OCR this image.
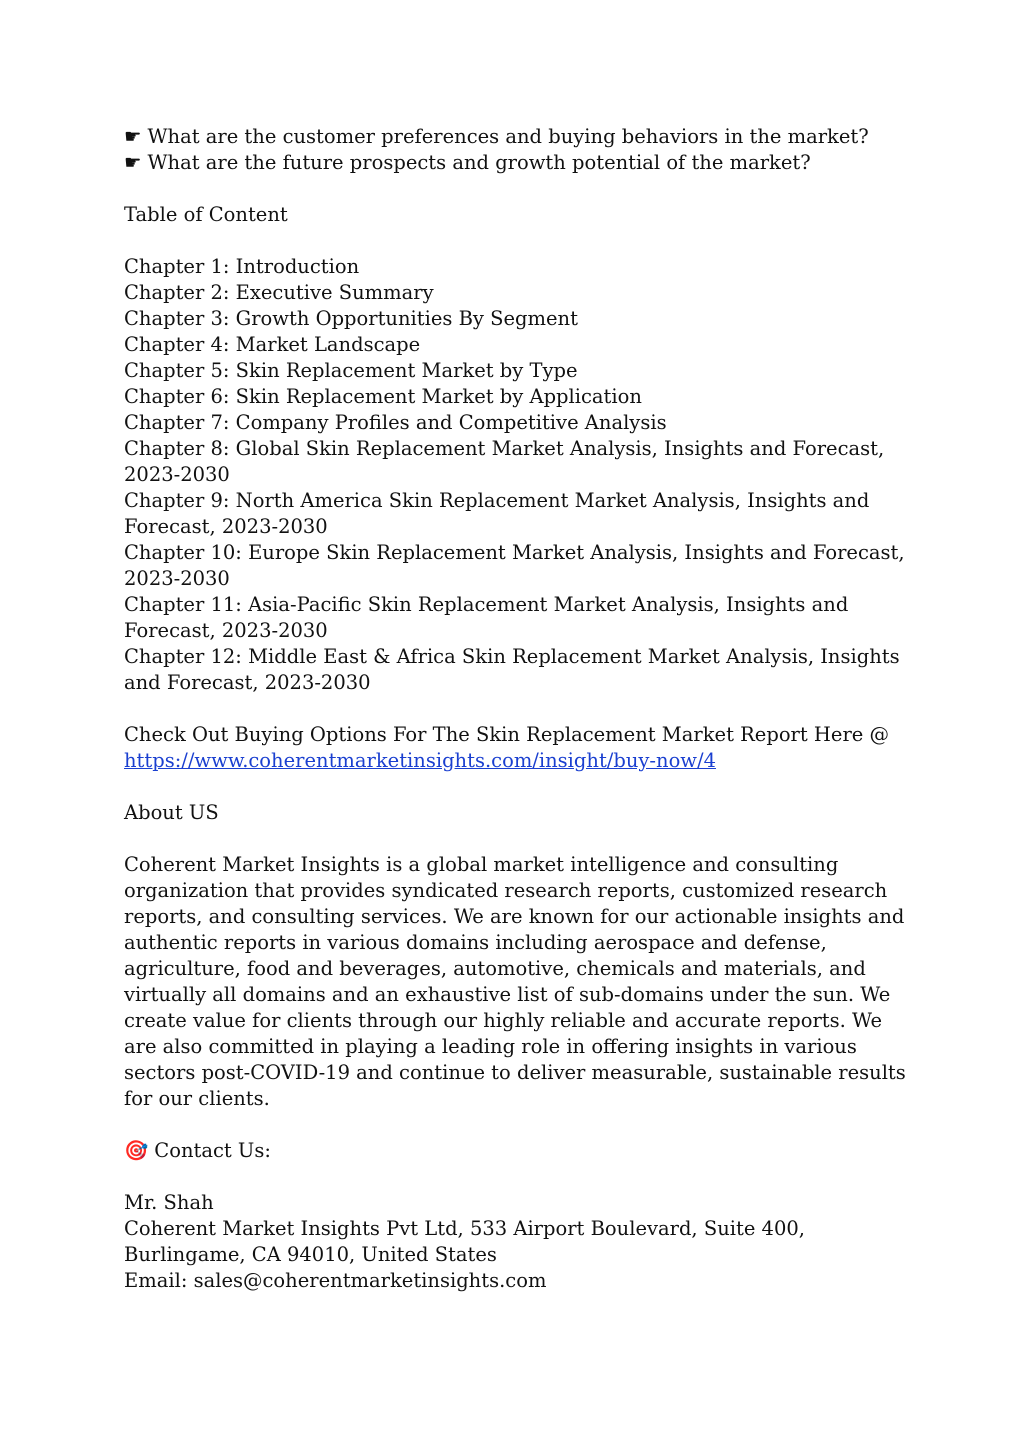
☛ What are the customer preferences and buying behaviors in the market?
☛ What are the future prospects and growth potential of the market?
Table of Content
Chapter 1: Introduction
Chapter 2: Executive Summary
Chapter 3: Growth Opportunities By Segment
Chapter 4: Market Landscape
Chapter 5: Skin Replacement Market by Type
Chapter 6: Skin Replacement Market by Application
Chapter 7: Company Profiles and Competitive Analysis
Chapter 8: Global Skin Replacement Market Analysis, Insights and Forecast, 2023-2030
Chapter 9: North America Skin Replacement Market Analysis, Insights and Forecast, 2023-2030
Chapter 10: Europe Skin Replacement Market Analysis, Insights and Forecast, 2023-2030
Chapter 11: Asia-Pacific Skin Replacement Market Analysis, Insights and Forecast, 2023-2030
Chapter 12: Middle East & Africa Skin Replacement Market Analysis, Insights and Forecast, 2023-2030
Check Out Buying Options For The Skin Replacement Market Report Here @
https://www.coherentmarketinsights.com/insight/buy-now/4
About US
Coherent Market Insights is a global market intelligence and consulting organization that provides syndicated research reports, customized research reports, and consulting services. We are known for our actionable insights and authentic reports in various domains including aerospace and defense, agriculture, food and beverages, automotive, chemicals and materials, and virtually all domains and an exhaustive list of sub-domains under the sun. We create value for clients through our highly reliable and accurate reports. We are also committed in playing a leading role in offering insights in various sectors post-COVID-19 and continue to deliver measurable, sustainable results for our clients.
🎯 Contact Us:
Mr. Shah
Coherent Market Insights Pvt Ltd, 533 Airport Boulevard, Suite 400, Burlingame, CA 94010, United States
Email: sales@coherentmarketinsights.com
